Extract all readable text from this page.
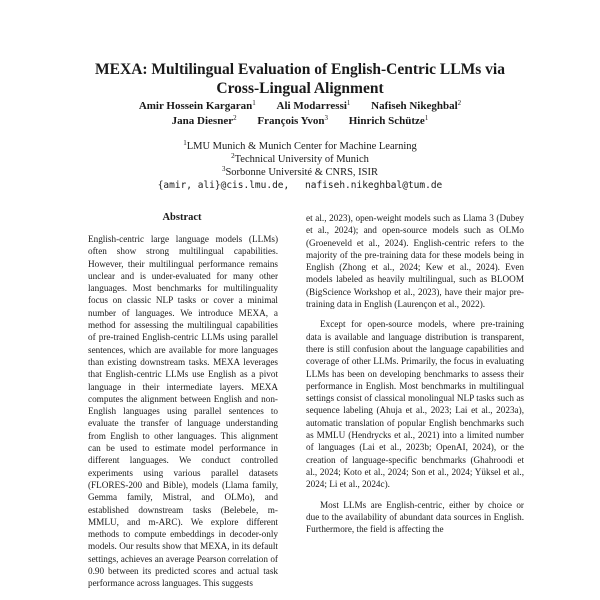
MEXA: Multilingual Evaluation of English-Centric LLMs via
Cross-Lingual Alignment
Amir Hossein Kargaran$^1$ Ali Modarressi$^1$ Nafiseh Nikeghbal$^2$
Jana Diesner$^2$ François Yvon$^3$ Hinrich Schütze$^1$
$^1$LMU Munich & Munich Center for Machine Learning
$^2$Technical University of Munich
$^3$Sorbonne Université & CNRS, ISIR
{amir, ali}@cis.lmu.de, nafiseh.nikeghbal@tum.de
Abstract
English-centric large language models (LLMs) often show strong multilingual capabilities. However, their multilingual performance remains unclear and is under-evaluated for many other languages. Most benchmarks for multilinguality focus on classic NLP tasks or cover a minimal number of languages. We introduce MEXA, a method for assessing the multilingual capabilities of pre-trained English-centric LLMs using parallel sentences, which are available for more languages than existing downstream tasks. MEXA leverages that English-centric LLMs use English as a pivot language in their intermediate layers. MEXA computes the alignment between English and non-English languages using parallel sentences to evaluate the transfer of language understanding from English to other languages. This alignment can be used to estimate model performance in different languages. We conduct controlled experiments using various parallel datasets (FLORES-200 and Bible), models (Llama family, Gemma family, Mistral, and OLMo), and established downstream tasks (Belebele, m-MMLU, and m-ARC). We explore different methods to compute embeddings in decoder-only models. Our results show that MEXA, in its default settings, achieves an average Pearson correlation of 0.90 between its predicted scores and actual task performance across languages. This suggests

et al., 2023), open-weight models such as Llama 3 (Dubey et al., 2024); and open-source models such as OLMo (Groeneveld et al., 2024). English-centric refers to the majority of the pre-training data for these models being in English (Zhong et al., 2024; Kew et al., 2024). Even models labeled as heavily multilingual, such as BLOOM (BigScience Workshop et al., 2023), have their major pre-training data in English (Laurençon et al., 2022).

Except for open-source models, where pre-training data is available and language distribution is transparent, there is still confusion about the language capabilities and coverage of other LLMs. Primarily, the focus in evaluating LLMs has been on developing benchmarks to assess their performance in English. Most benchmarks in multilingual settings consist of classical monolingual NLP tasks such as sequence labeling (Ahuja et al., 2023; Lai et al., 2023a), automatic translation of popular English benchmarks such as MMLU (Hendrycks et al., 2021) into a limited number of languages (Lai et al., 2023b; OpenAI, 2024), or the creation of language-specific benchmarks (Ghahroodi et al., 2024; Koto et al., 2024; Son et al., 2024; Yüksel et al., 2024; Li et al., 2024c).

Most LLMs are English-centric, either by choice or due to the availability of abundant data sources in English. Furthermore, the field is affecting the
